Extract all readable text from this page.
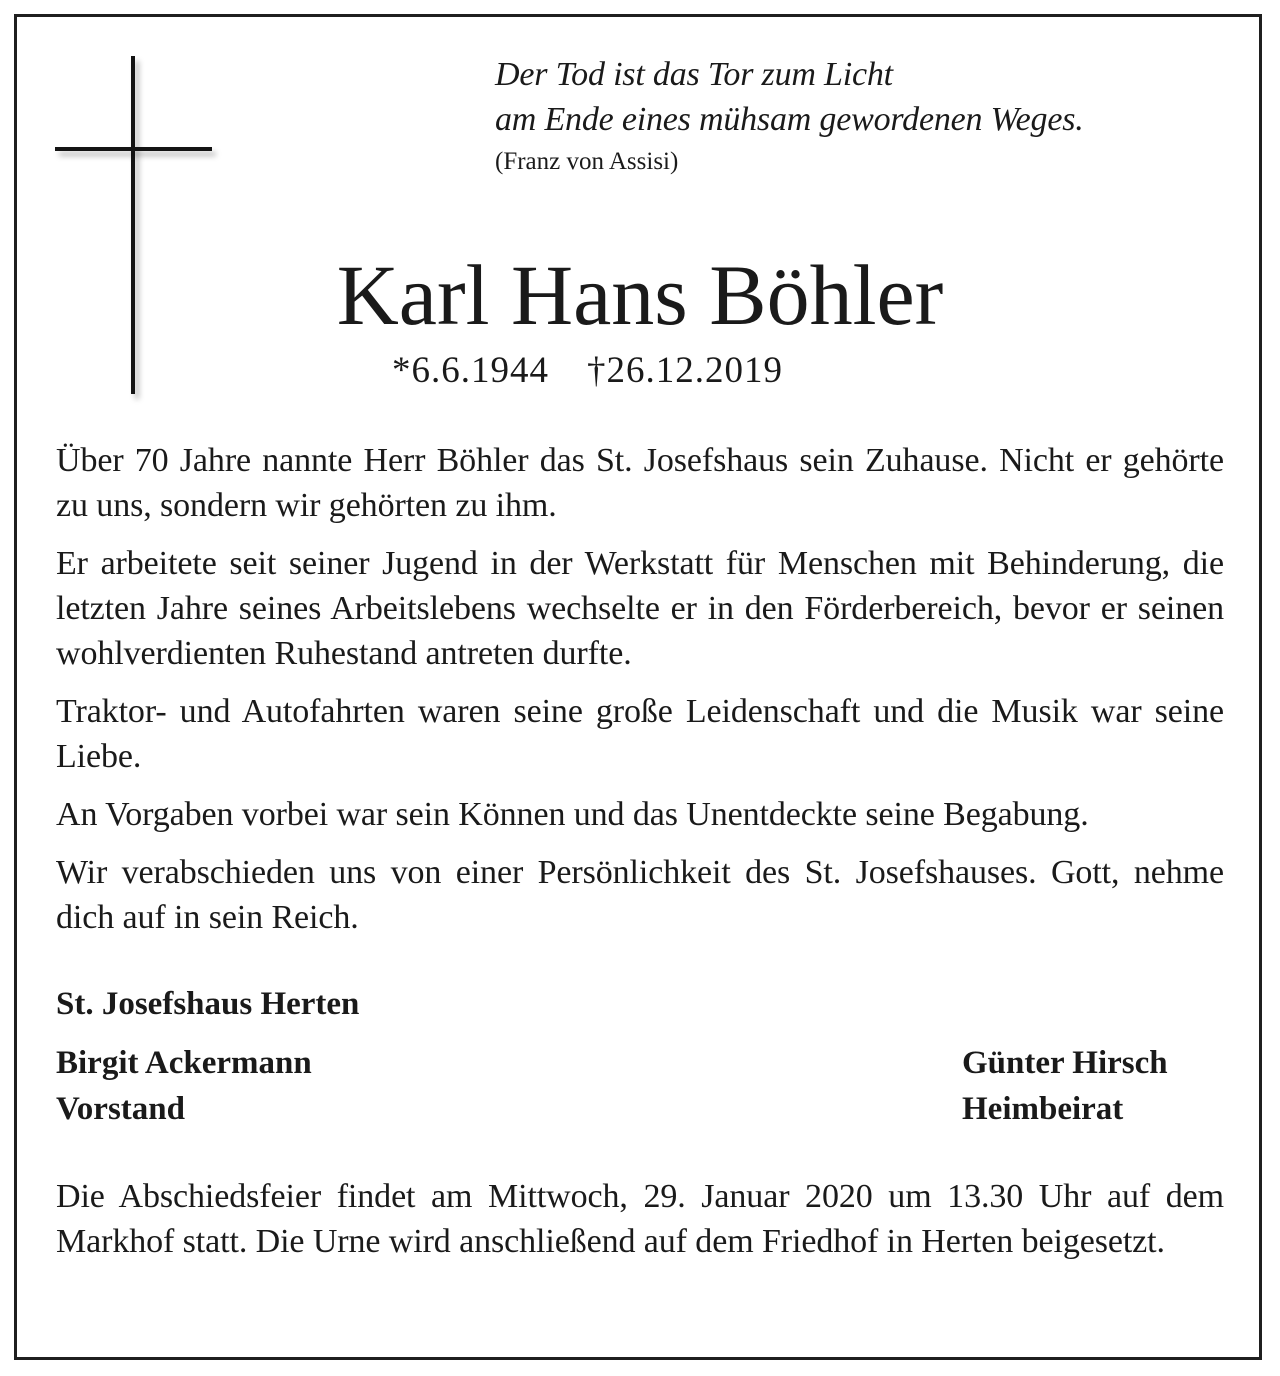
Der Tod ist das Tor zum Licht
am Ende eines mühsam gewordenen Weges.
(Franz von Assisi)
Karl Hans Böhler
*6.6.1944 †26.12.2019

Über 70 Jahre nannte Herr Böhler das St. Josefshaus sein Zuhause. Nicht er gehörte zu uns, sondern wir gehörten zu ihm.

Er arbeitete seit seiner Jugend in der Werkstatt für Menschen mit Behinderung, die letzten Jahre seines Arbeitslebens wechselte er in den Förderbereich, bevor er seinen wohlverdienten Ruhestand antreten durfte.

Traktor- und Autofahrten waren seine große Leidenschaft und die Musik war seine Liebe.

An Vorgaben vorbei war sein Können und das Unentdeckte seine Begabung.

Wir verabschieden uns von einer Persönlichkeit des St. Josefshauses. Gott, nehme dich auf in sein Reich.

St. Josefshaus Herten
Birgit Ackermann
Vorstand
Günter Hirsch
Heimbeirat
Die Abschiedsfeier findet am Mittwoch, 29. Januar 2020 um 13.30 Uhr auf dem Markhof statt. Die Urne wird anschließend auf dem Friedhof in Herten beigesetzt.
